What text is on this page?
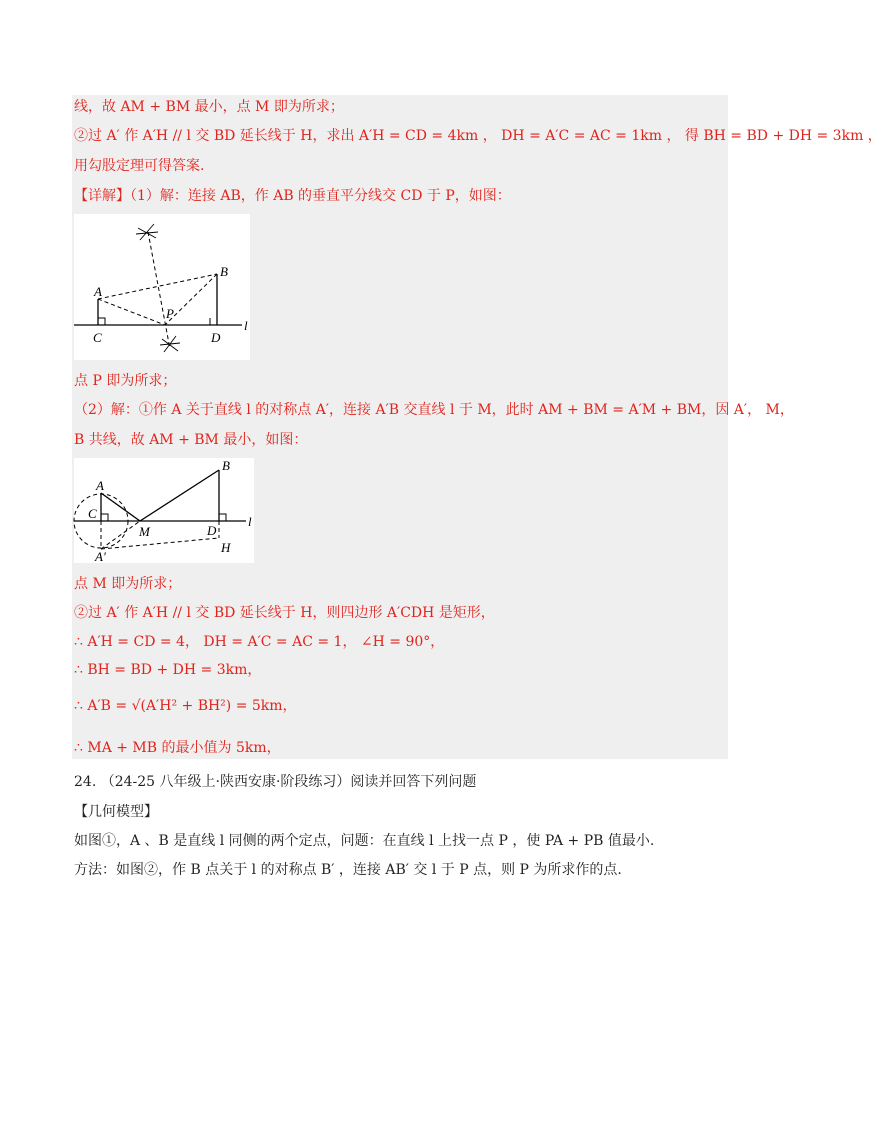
线，故 AM + BM 最小，点 M 即为所求；
②过 A′ 作 A′H // l 交 BD 延长线于 H，求出 A′H = CD = 4km ， DH = A′C = AC = 1km ， 得 BH = BD + DH = 3km ，
用勾股定理可得答案.
【详解】（1）解：连接 AB，作 AB 的垂直平分线交 CD 于 P，如图：
A
B
C	D
P
l
点 P 即为所求；
（2）解：①作 A 关于直线 l 的对称点 A′，连接 A′B 交直线 l 于 M，此时 AM + BM = A′M + BM，因 A′， M，
B 共线，故 AM + BM 最小，如图：
A
B
C
D
M
H
A′
l
点 M 即为所求；
②过 A′ 作 A′H // l 交 BD 延长线于 H，则四边形 A′CDH 是矩形，
∴ A′H = CD = 4， DH = A′C = AC = 1， ∠H = 90°，
∴ BH = BD + DH = 3km，
∴ A′B = √(A′H² + BH²) = 5km，
∴ MA + MB 的最小值为 5km，
24. （24-25 八年级上·陕西安康·阶段练习）阅读并回答下列问题
【几何模型】
如图①，A 、B 是直线 l 同侧的两个定点，问题：在直线 l 上找一点 P ，使 PA + PB 值最小.
方法：如图②，作 B 点关于 l 的对称点 B′ ，连接 AB′ 交 l 于 P 点，则 P 为所求作的点.
